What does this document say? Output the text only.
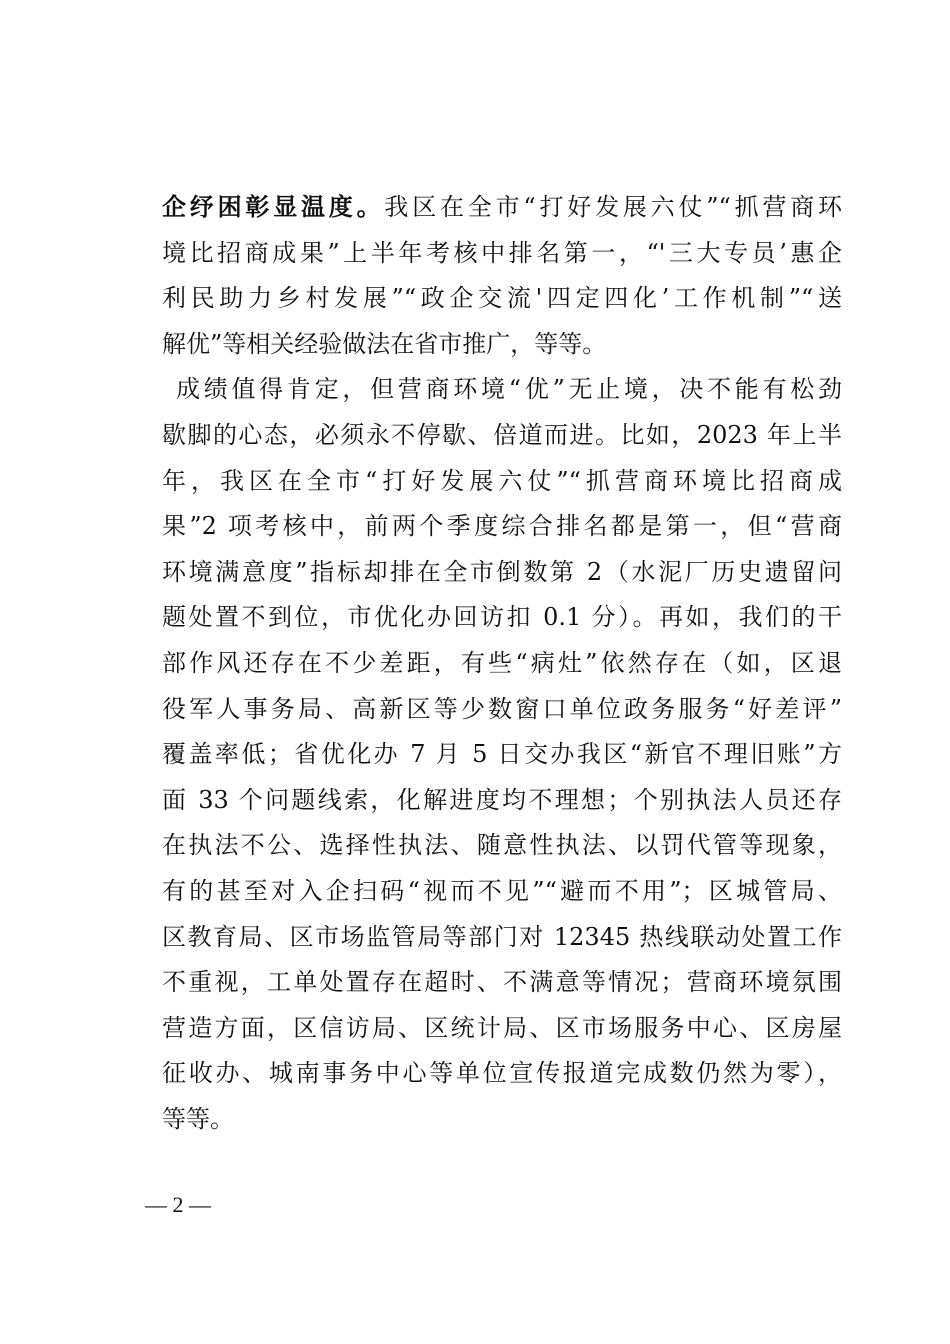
企纾困彰显温度。我区在全市“打好发展六仗”“抓营商环
境比招商成果”上半年考核中排名第一，“'三大专员’惠企
利民助力乡村发展”“政企交流'四定四化’工作机制”“送
解优”等相关经验做法在省市推广，等等。
成绩值得肯定，但营商环境“优”无止境，决不能有松劲
歇脚的心态，必须永不停歇、倍道而进。比如，2023 年上半
年，我区在全市“打好发展六仗”“抓营商环境比招商成
果”2 项考核中，前两个季度综合排名都是第一，但“营商
环境满意度”指标却排在全市倒数第 2（水泥厂历史遗留问
题处置不到位，市优化办回访扣 0.1 分）。再如，我们的干
部作风还存在不少差距，有些“病灶”依然存在（如，区退
役军人事务局、高新区等少数窗口单位政务服务“好差评”
覆盖率低；省优化办 7 月 5 日交办我区“新官不理旧账”方
面 33 个问题线索，化解进度均不理想；个别执法人员还存
在执法不公、选择性执法、随意性执法、以罚代管等现象，
有的甚至对入企扫码“视而不见”“避而不用”；区城管局、
区教育局、区市场监管局等部门对 12345 热线联动处置工作
不重视，工单处置存在超时、不满意等情况；营商环境氛围
营造方面，区信访局、区统计局、区市场服务中心、区房屋
征收办、城南事务中心等单位宣传报道完成数仍然为零），
等等。
— 2 —
